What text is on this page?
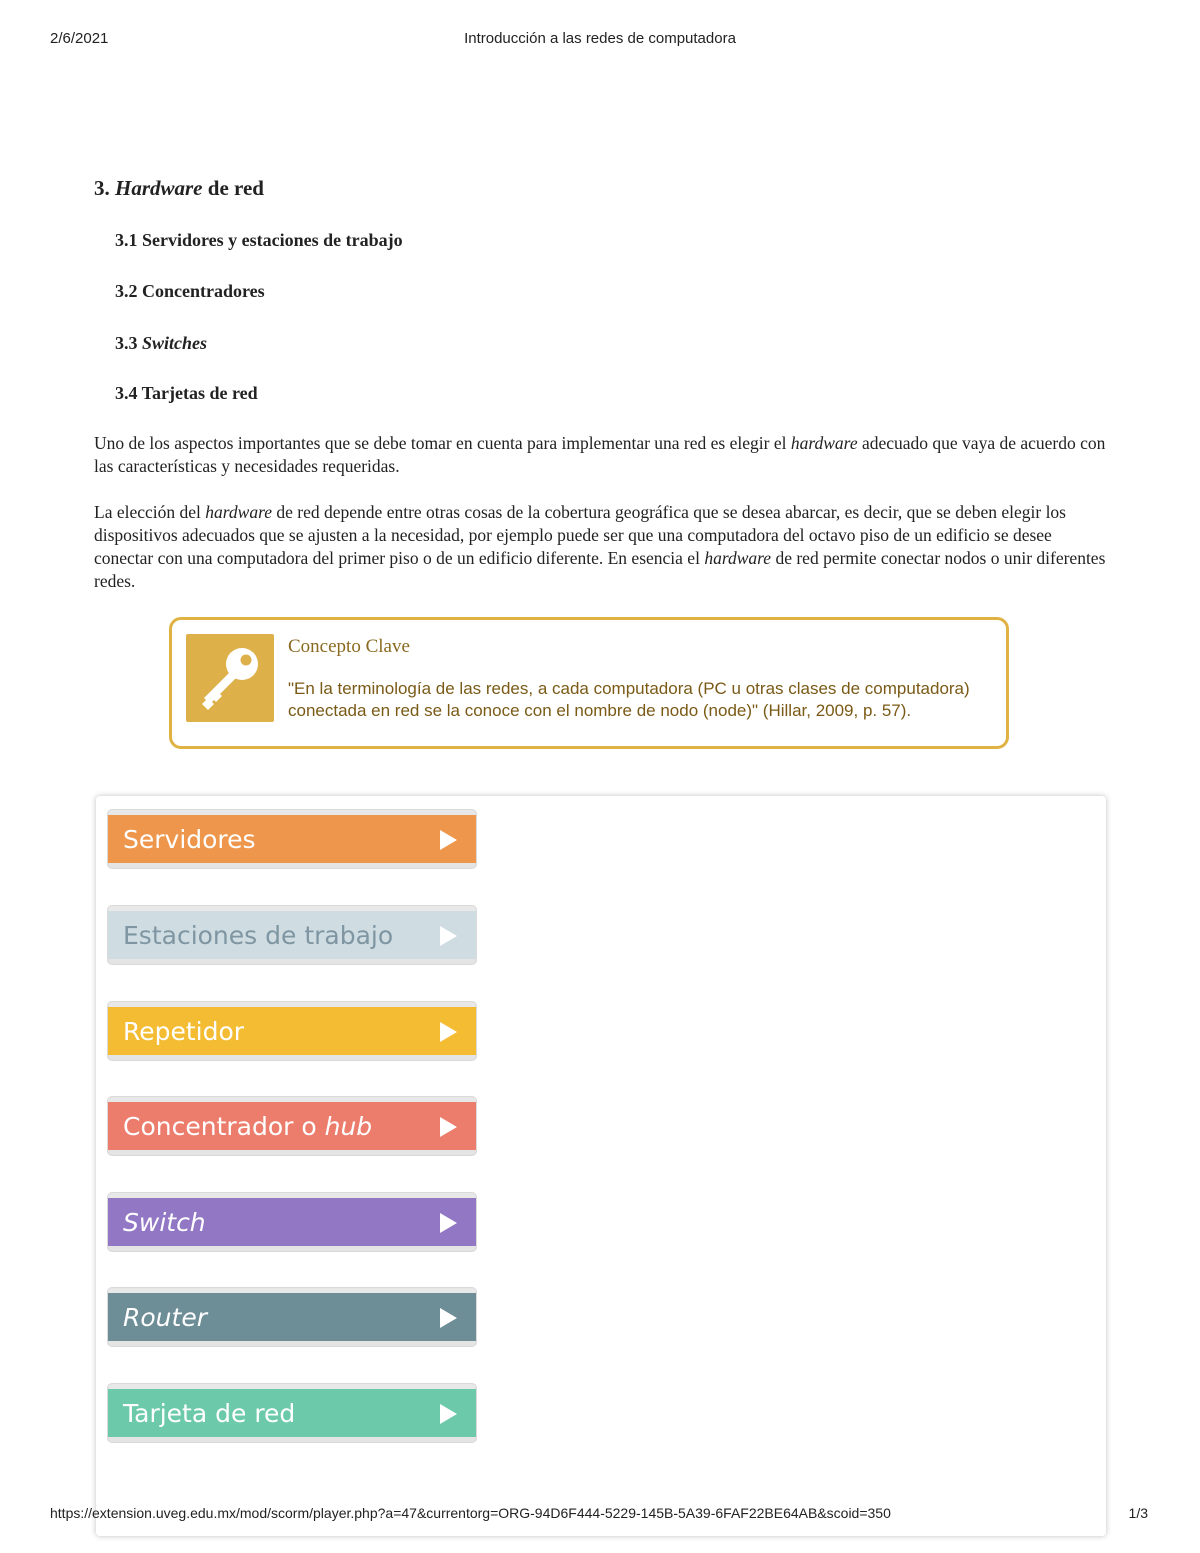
2/6/2021	Introducción a las redes de computadora
3. Hardware de red
3.1 Servidores y estaciones de trabajo
3.2 Concentradores
3.3 Switches
3.4 Tarjetas de red
Uno de los aspectos importantes que se debe tomar en cuenta para implementar una red es elegir el hardware adecuado que vaya de acuerdo con las características y necesidades requeridas.
La elección del hardware de red depende entre otras cosas de la cobertura geográfica que se desea abarcar, es decir, que se deben elegir los dispositivos adecuados que se ajusten a la necesidad, por ejemplo puede ser que una computadora del octavo piso de un edificio se desee conectar con una computadora del primer piso o de un edificio diferente. En esencia el hardware de red permite conectar nodos o unir diferentes redes.
Concepto Clave
"En la terminología de las redes, a cada computadora (PC u otras clases de computadora) conectada en red se la conoce con el nombre de nodo (node)" (Hillar, 2009, p. 57).
Servidores
Estaciones de trabajo
Repetidor
Concentrador o hub
Switch
Router
Tarjeta de red
https://extension.uveg.edu.mx/mod/scorm/player.php?a=47&currentorg=ORG-94D6F444-5229-145B-5A39-6FAF22BE64AB&scoid=350	1/3
